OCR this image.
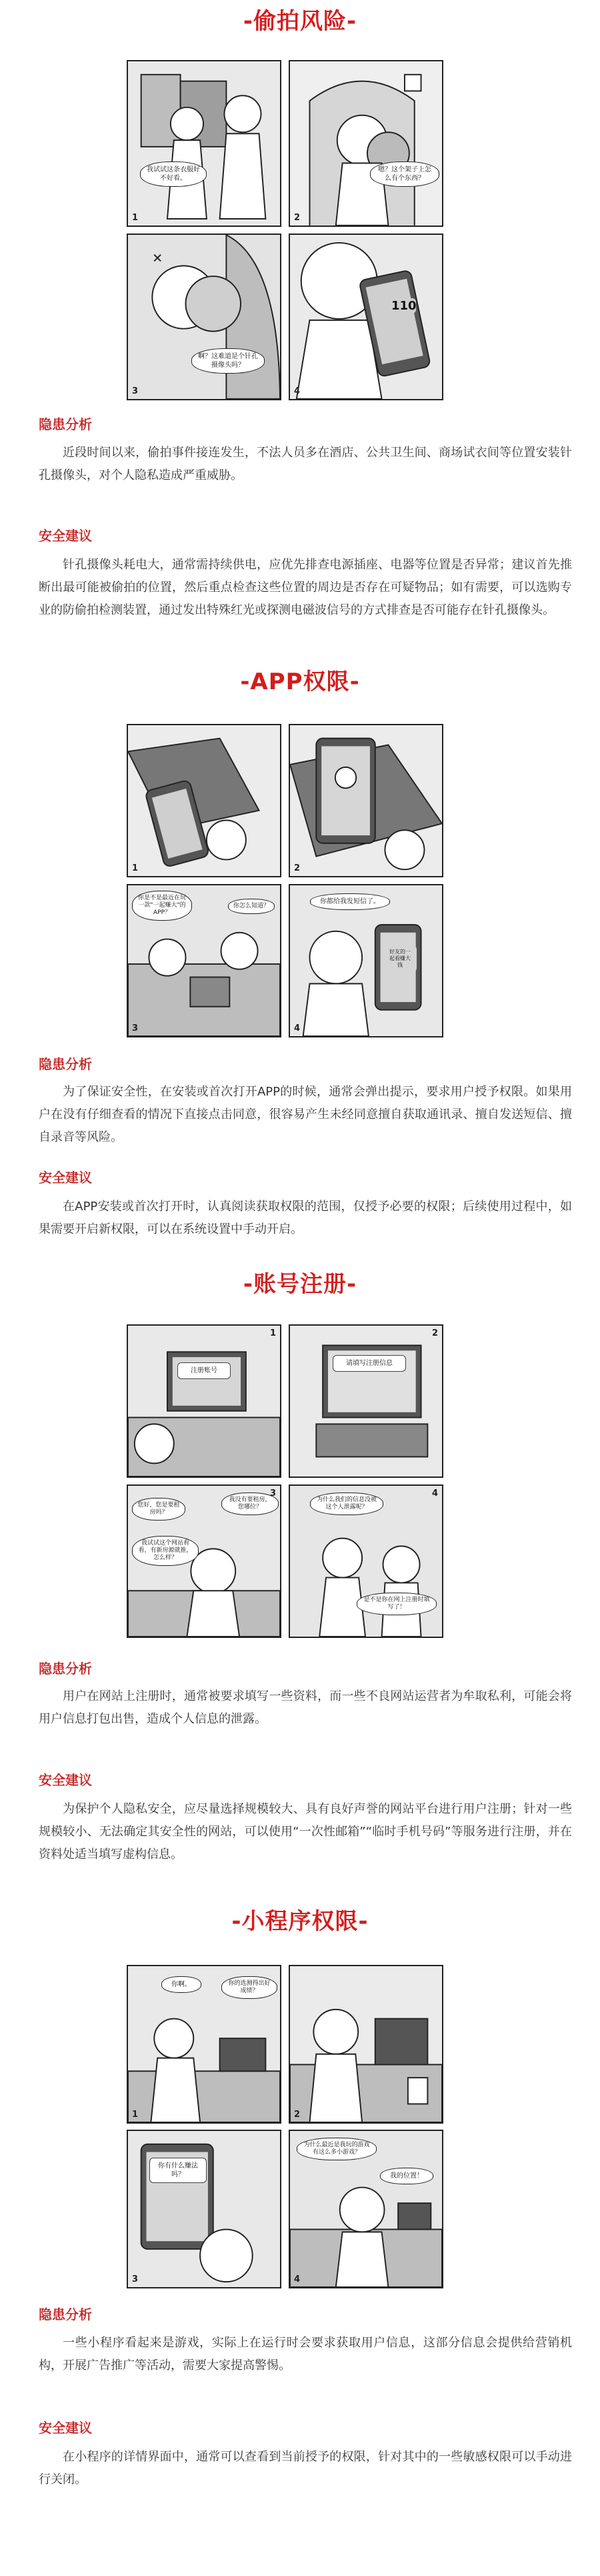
-偷拍风险-
我试试这条衣服好不好看。
1
嗯？这个架子上怎么有个东西？
2
啊？这难道是个针孔摄像头吗？
3
110
4
隐患分析
近段时间以来，偷拍事件接连发生，不法人员多在酒店、公共卫生间、商场试衣间等位置安装针孔摄像头，对个人隐私造成严重威胁。
安全建议
针孔摄像头耗电大，通常需持续供电，应优先排查电源插座、电器等位置是否异常；建议首先推断出最可能被偷拍的位置，然后重点检查这些位置的周边是否存在可疑物品；如有需要，可以选购专业的防偷拍检测装置，通过发出特殊红光或探测电磁波信号的方式排查是否可能存在针孔摄像头。
-APP权限-
1	2
你是不是最近在玩一款"一起赚大"的APP？
你怎么知道？
3
你都给我发短信了。
好友的一起看赚大钱
4
隐患分析
为了保证安全性，在安装或首次打开APP的时候，通常会弹出提示，要求用户授予权限。如果用户在没有仔细查看的情况下直接点击同意，很容易产生未经同意擅自获取通讯录、擅自发送短信、擅自录音等风险。
安全建议
在APP安装或首次打开时，认真阅读获取权限的范围，仅授予必要的权限；后续使用过程中，如果需要开启新权限，可以在系统设置中手动开启。
-账号注册-
注册账号
1
请填写注册信息
2
您好，您是要租房吗？
我没有要租房，您哪位？
我试试这个网站看看，有新房源就推，怎么样？
3
为什么我们的信息没被这个人泄露呢？
是不是你在网上注册时填写了！
4
隐患分析
用户在网站上注册时，通常被要求填写一些资料，而一些不良网站运营者为牟取私利，可能会将用户信息打包出售，造成个人信息的泄露。
安全建议
为保护个人隐私安全，应尽量选择规模较大、具有良好声誉的网站平台进行用户注册；针对一些规模较小、无法确定其安全性的网站，可以使用“一次性邮箱”“临时手机号码”等服务进行注册，并在资料处适当填写虚构信息。
-小程序权限-
你啊。	你的选测得出好成绩？
1	2
你有什么赚法吗？
3
为什么最近是我玩的游戏有这么多小游戏？
我的位置！
4
隐患分析
一些小程序看起来是游戏，实际上在运行时会要求获取用户信息，这部分信息会提供给营销机构，开展广告推广等活动，需要大家提高警惕。
安全建议
在小程序的详情界面中，通常可以查看到当前授予的权限，针对其中的一些敏感权限可以手动进行关闭。
